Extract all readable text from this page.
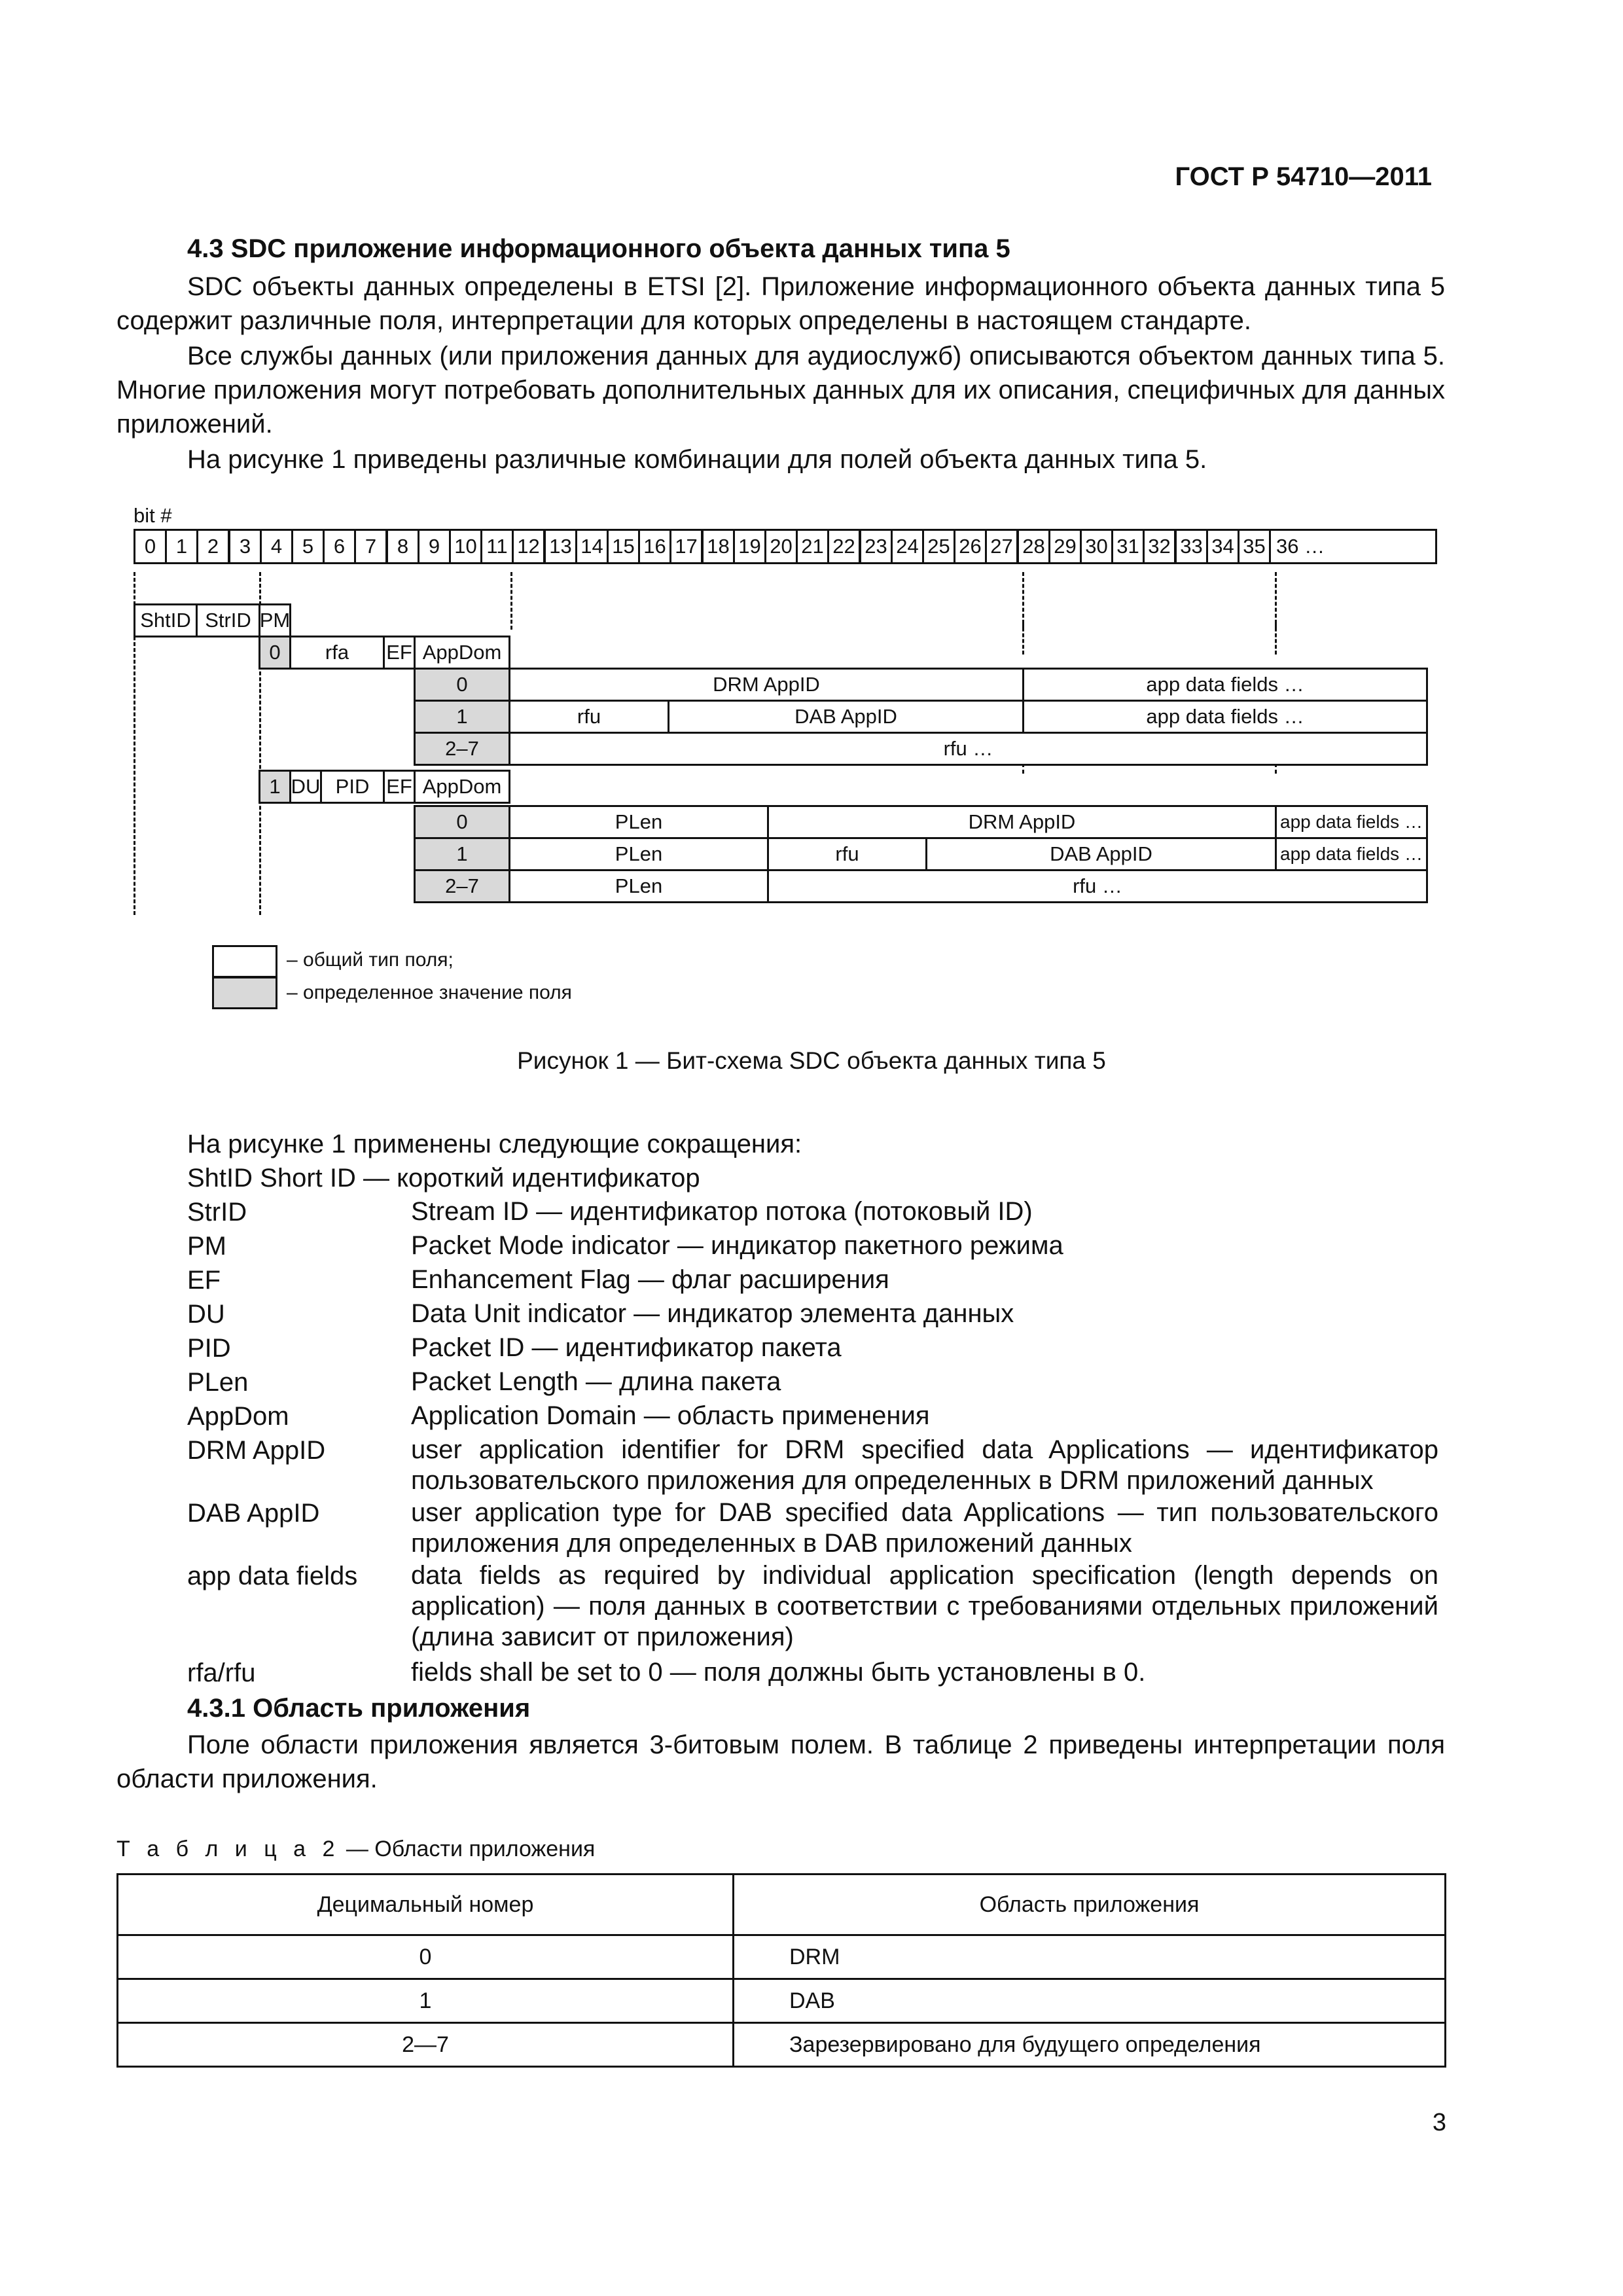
ГОСТ Р 54710—2011
4.3 SDC приложение информационного объекта данных типа 5
SDC объекты данных определены в ETSI [2]. Приложение информационного объекта данных типа 5 содержит различные поля, интерпретации для которых определены в настоящем стандарте.
Все службы данных (или приложения данных для аудиослужб) описываются объектом данных типа 5. Многие приложения могут потребовать дополнительных данных для их описания, специфичных для данных приложений.
На рисунке 1 приведены различные комбинации для полей объекта данных типа 5.
bit #
0 1 2	3 4 5 6 7	8 9 10 11 12 13 14 15 16 17 18 19 20 21 22 23 24 25 26 27 28 29 30 31 32 33 34 35 36 …
ShtID StrID PM
0	rfa	EF AppDom
0	DRM AppID	app data fields …
1	rfu	DAB AppID	app data fields …
2–7	rfu …
1 DU PID EF AppDom
0	PLen	DRM AppID	app data fields …
1	PLen	rfu	DAB AppID	app data fields …
2–7	PLen	rfu …
– общий тип поля;
– определенное значение поля
Рисунок 1 — Бит-схема SDC объекта данных типа 5
На рисунке 1 применены следующие сокращения:
ShtID Short ID — короткий идентификатор
StrID	Stream ID — идентификатор потока (потоковый ID)
PM	Packet Mode indicator — индикатор пакетного режима
EF	Enhancement Flag — флаг расширения
DU	Data Unit indicator — индикатор элемента данных
PID	Packet ID — идентификатор пакета
PLen	Packet Length — длина пакета
AppDom	Application Domain — область применения
DRM AppID	user application identifier for DRM specified data Applications — идентификатор пользовательского приложения для определенных в DRM приложений данных
DAB AppID	user application type for DAB specified data Applications — тип пользовательского приложения для определенных в DAB приложений данных
app data fields data fields as required by individual application specification (length depends on application) — поля данных в соответствии с требованиями отдельных приложений (длина зависит от приложения)
rfa/rfu	fields shall be set to 0 — поля должны быть установлены в 0.
4.3.1 Область приложения
Поле области приложения является 3-битовым полем. В таблице 2 приведены интерпретации поля области приложения.
Т а б л и ц а 2 — Области приложения
Децимальный номер	Область приложения
0	DRM
1	DAB
2—7	Зарезервировано для будущего определения
3
